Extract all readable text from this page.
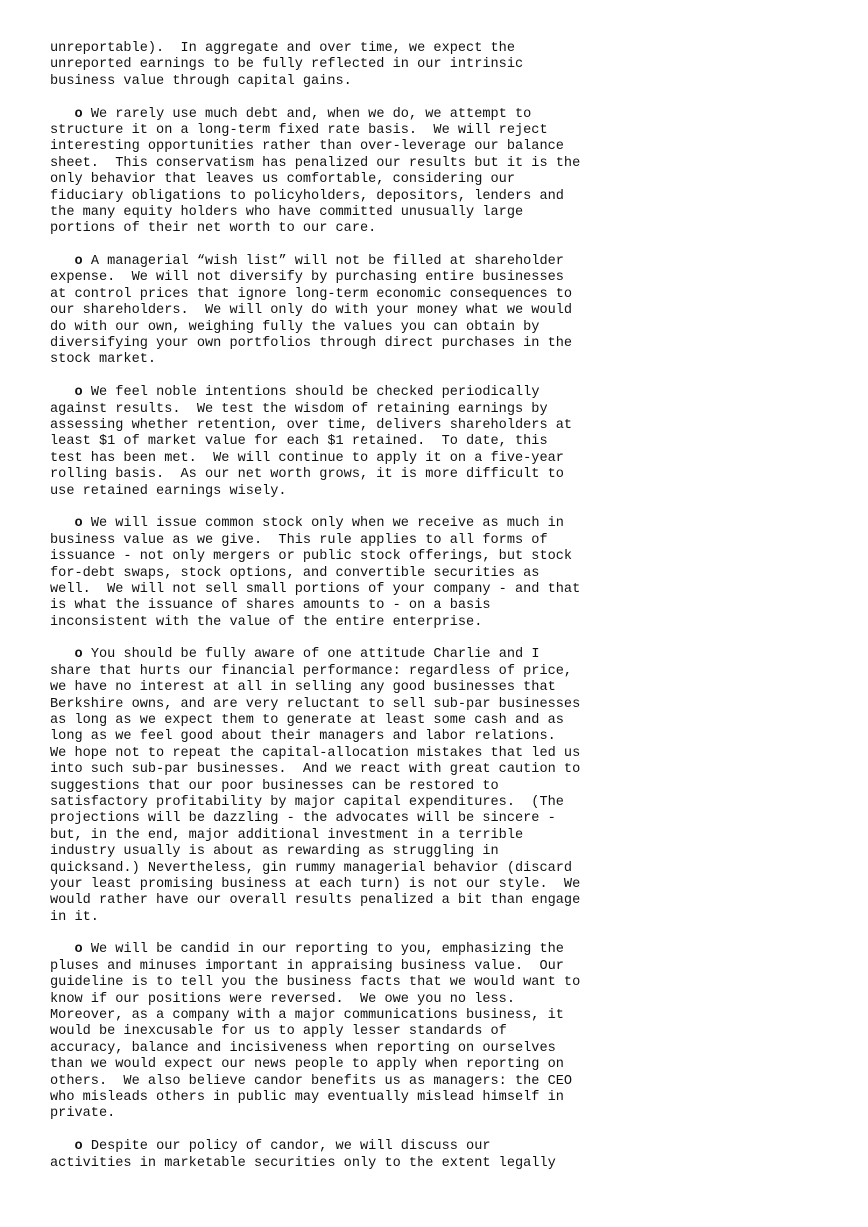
unreportable).  In aggregate and over time, we expect the
unreported earnings to be fully reflected in our intrinsic
business value through capital gains.
o We rarely use much debt and, when we do, we attempt to
structure it on a long-term fixed rate basis.  We will reject
interesting opportunities rather than over-leverage our balance
sheet.  This conservatism has penalized our results but it is the
only behavior that leaves us comfortable, considering our
fiduciary obligations to policyholders, depositors, lenders and
the many equity holders who have committed unusually large
portions of their net worth to our care.
o A managerial “wish list” will not be filled at shareholder
expense.  We will not diversify by purchasing entire businesses
at control prices that ignore long-term economic consequences to
our shareholders.  We will only do with your money what we would
do with our own, weighing fully the values you can obtain by
diversifying your own portfolios through direct purchases in the
stock market.
o We feel noble intentions should be checked periodically
against results.  We test the wisdom of retaining earnings by
assessing whether retention, over time, delivers shareholders at
least $1 of market value for each $1 retained.  To date, this
test has been met.  We will continue to apply it on a five-year
rolling basis.  As our net worth grows, it is more difficult to
use retained earnings wisely.
o We will issue common stock only when we receive as much in
business value as we give.  This rule applies to all forms of
issuance - not only mergers or public stock offerings, but stock
for-debt swaps, stock options, and convertible securities as
well.  We will not sell small portions of your company - and that
is what the issuance of shares amounts to - on a basis
inconsistent with the value of the entire enterprise.
o You should be fully aware of one attitude Charlie and I
share that hurts our financial performance: regardless of price,
we have no interest at all in selling any good businesses that
Berkshire owns, and are very reluctant to sell sub-par businesses
as long as we expect them to generate at least some cash and as
long as we feel good about their managers and labor relations.
We hope not to repeat the capital-allocation mistakes that led us
into such sub-par businesses.  And we react with great caution to
suggestions that our poor businesses can be restored to
satisfactory profitability by major capital expenditures.  (The
projections will be dazzling - the advocates will be sincere -
but, in the end, major additional investment in a terrible
industry usually is about as rewarding as struggling in
quicksand.) Nevertheless, gin rummy managerial behavior (discard
your least promising business at each turn) is not our style.  We
would rather have our overall results penalized a bit than engage
in it.
o We will be candid in our reporting to you, emphasizing the
pluses and minuses important in appraising business value.  Our
guideline is to tell you the business facts that we would want to
know if our positions were reversed.  We owe you no less.
Moreover, as a company with a major communications business, it
would be inexcusable for us to apply lesser standards of
accuracy, balance and incisiveness when reporting on ourselves
than we would expect our news people to apply when reporting on
others.  We also believe candor benefits us as managers: the CEO
who misleads others in public may eventually mislead himself in
private.
o Despite our policy of candor, we will discuss our
activities in marketable securities only to the extent legally
